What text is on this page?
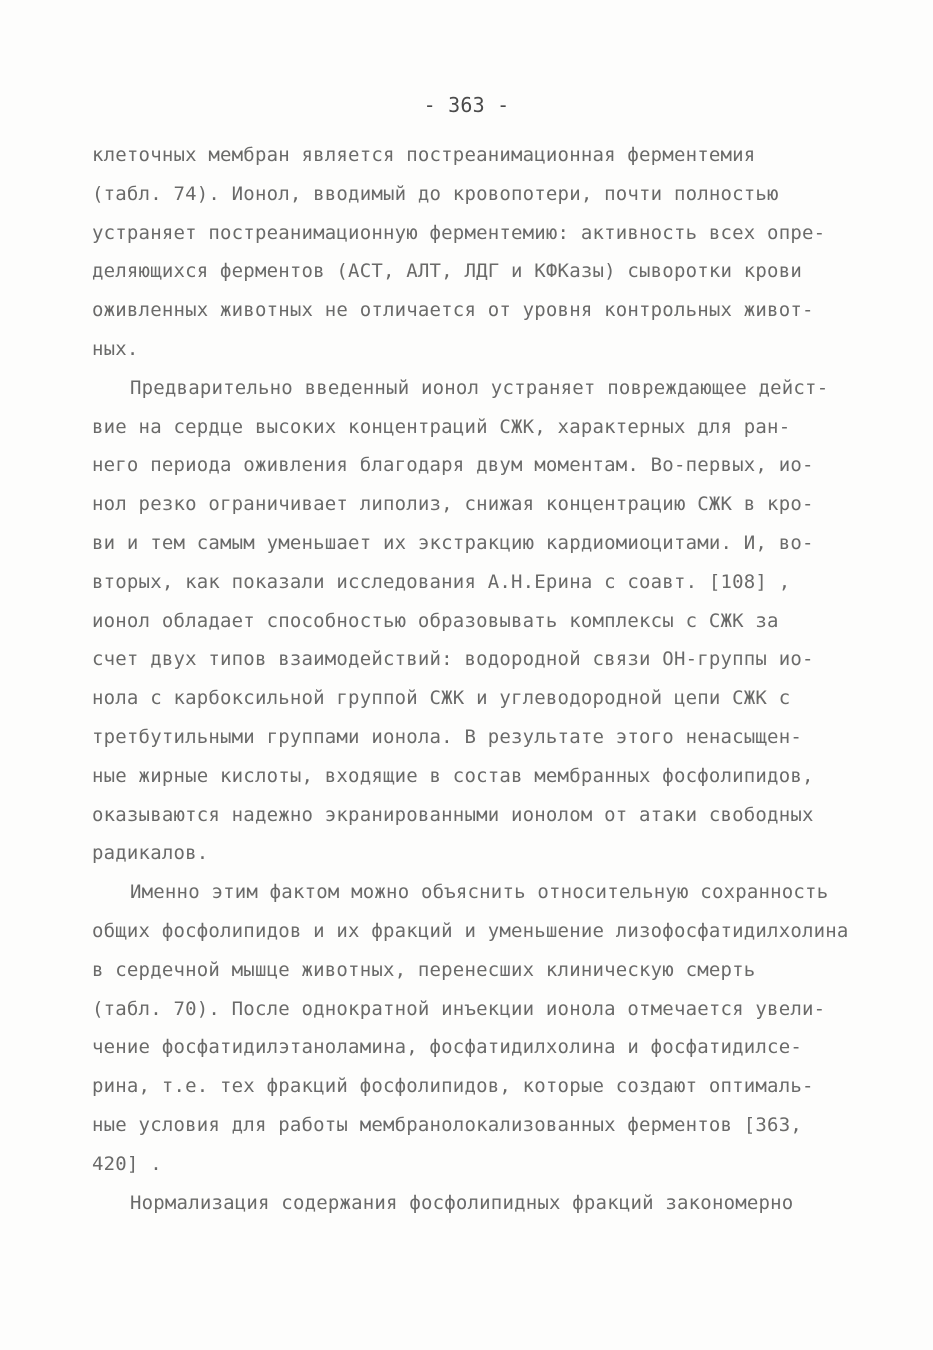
- 363 -
клеточных мембран является постреанимационная ферментемия
(табл. 74). Ионол, вводимый до кровопотери, почти полностью
устраняет постреанимационную ферментемию: активность всех опре-
деляющихся ферментов (АСТ, АЛТ, ЛДГ и КФКазы) сыворотки крови
оживленных животных не отличается от уровня контрольных живот-
ных.
Предварительно введенный ионол устраняет повреждающее дейст-
вие на сердце высоких концентраций СЖК, характерных для ран-
него периода оживления благодаря двум моментам. Во-первых, ио-
нол резко ограничивает липолиз, снижая концентрацию СЖК в кро-
ви и тем самым уменьшает их экстракцию кардиомиоцитами. И, во-
вторых, как показали исследования А.Н.Ерина с соавт. [108] ,
ионол обладает способностью образовывать комплексы с СЖК за
счет двух типов взаимодействий: водородной связи ОН-группы ио-
нола с карбоксильной группой СЖК и углеводородной цепи СЖК с
третбутильными группами ионола. В результате этого ненасыщен-
ные жирные кислоты, входящие в состав мембранных фосфолипидов,
оказываются надежно экранированными ионолом от атаки свободных
радикалов.
Именно этим фактом можно объяснить относительную сохранность
общих фосфолипидов и их фракций и уменьшение лизофосфатидилхолина
в сердечной мышце животных, перенесших клиническую смерть
(табл. 70). После однократной инъекции ионола отмечается увели-
чение фосфатидилэтаноламина, фосфатидилхолина и фосфатидилсе-
рина, т.е. тех фракций фосфолипидов, которые создают оптималь-
ные условия для работы мембранолокализованных ферментов [363,
420] .
Нормализация содержания фосфолипидных фракций закономерно
